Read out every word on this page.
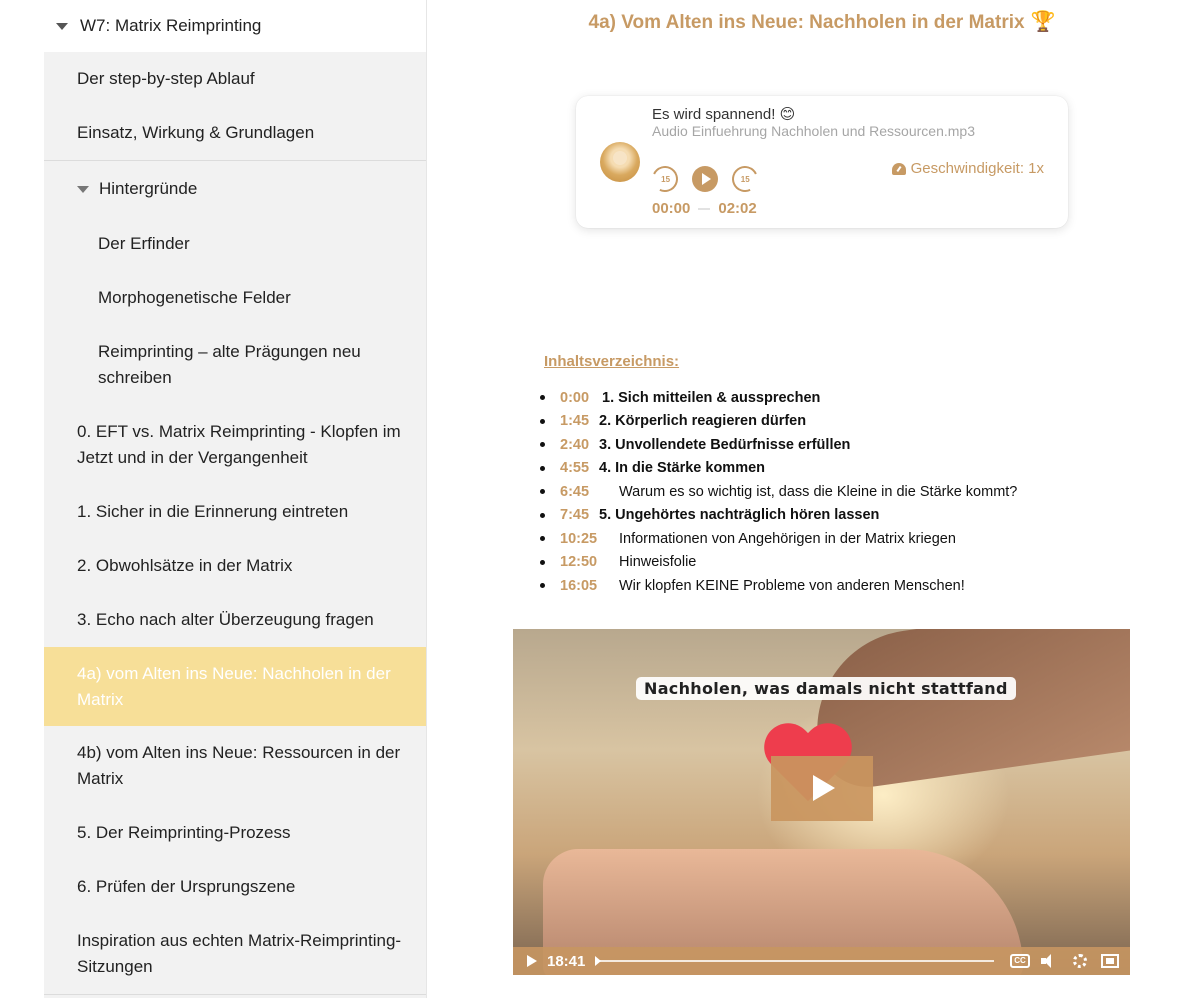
W7: Matrix Reimprinting
Der step-by-step Ablauf
Einsatz, Wirkung & Grundlagen
Hintergründe
Der Erfinder
Morphogenetische Felder
Reimprinting – alte Prägungen neu schreiben
0. EFT vs. Matrix Reimprinting - Klopfen im Jetzt und in der Vergangenheit
1. Sicher in die Erinnerung eintreten
2. Obwohlsätze in der Matrix
3. Echo nach alter Überzeugung fragen
4a) vom Alten ins Neue: Nachholen in der Matrix
4b) vom Alten ins Neue: Ressourcen in der Matrix
5. Der Reimprinting-Prozess
6. Prüfen der Ursprungszene
Inspiration aus echten Matrix-Reimprinting-Sitzungen
4a) Vom Alten ins Neue: Nachholen in der Matrix 🏆
Es wird spannend! 😊
Audio Einfuehrung Nachholen und Ressourcen.mp3
15	15
00:00 02:02
Geschwindigkeit: 1x
Inhaltsverzeichnis:
0:00 1. Sich mitteilen & aussprechen
1:45 2. Körperlich reagieren dürfen
2:40 3. Unvollendete Bedürfnisse erfüllen
4:55 4. In die Stärke kommen
6:45	Warum es so wichtig ist, dass die Kleine in die Stärke kommt?
7:45 5. Ungehörtes nachträglich hören lassen
10:25	Informationen von Angehörigen in der Matrix kriegen
12:50	Hinweisfolie
16:05	Wir klopfen KEINE Probleme von anderen Menschen!
Nachholen, was damals nicht stattfand
18:41	CC
